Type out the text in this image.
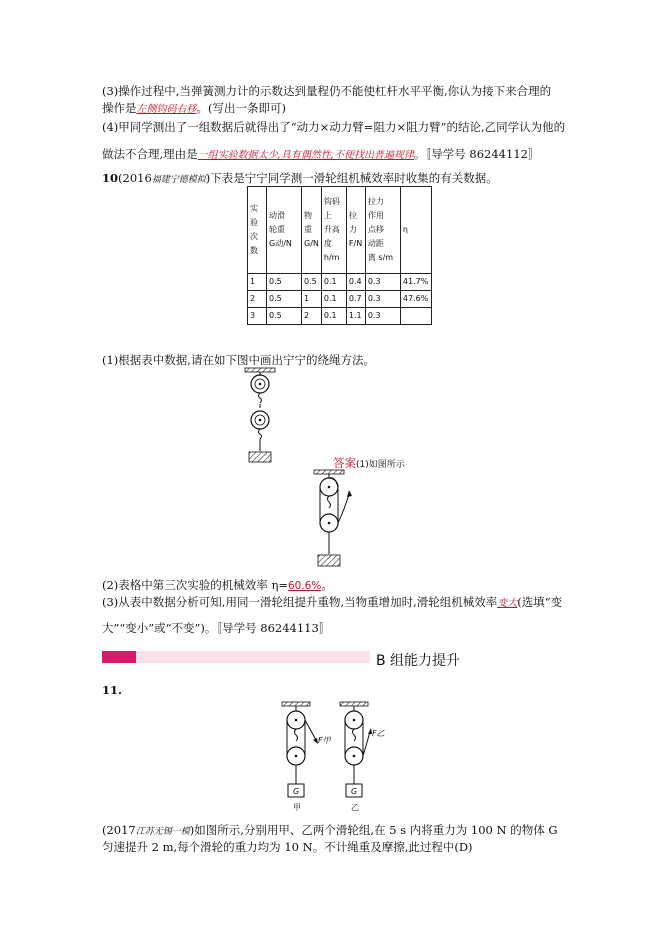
(3)操作过程中,当弹簧测力计的示数达到量程仍不能使杠杆水平平衡,你认为接下来合理的
操作是左侧钩码右移。(写出一条即可)
(4)甲同学测出了一组数据后就得出了“动力×动力臂=阻力×阻力臂”的结论,乙同学认为他的
做法不合理,理由是一组实验数据太少,具有偶然性,不便找出普遍规律。〚导学号 86244112〛
10(2016福建宁德模拟)下表是宁宁同学测一滑轮组机械效率时收集的有关数据。
实
验
次
数	动滑
轮重
G动/N	物
重
G/N	钩码
上
升高
度
h/m	拉
力
F/N	拉力
作用
点移
动距
离 s/m	η
1	0.5	0.5	0.1	0.4	0.3	41.7%
2	0.5	1	0.1	0.7	0.3	47.6%
3	0.5	2	0.1	1.1	0.3	
(1)根据表中数据,请在如下图中画出宁宁的绕绳方法。
答案(1)如图所示
(2)表格中第三次实验的机械效率 η=60.6%。
(3)从表中数据分析可知,用同一滑轮组提升重物,当物重增加时,滑轮组机械效率变大(选填“变
大”“变小”或“不变”)。〚导学号 86244113〛
B 组能力提升
11.
F甲
F乙
G	G
甲	乙
(2017江苏无锡一模)如图所示,分别用甲、乙两个滑轮组,在 5 s 内将重力为 100 N 的物体 G
匀速提升 2 m,每个滑轮的重力均为 10 N。不计绳重及摩擦,此过程中(D)
